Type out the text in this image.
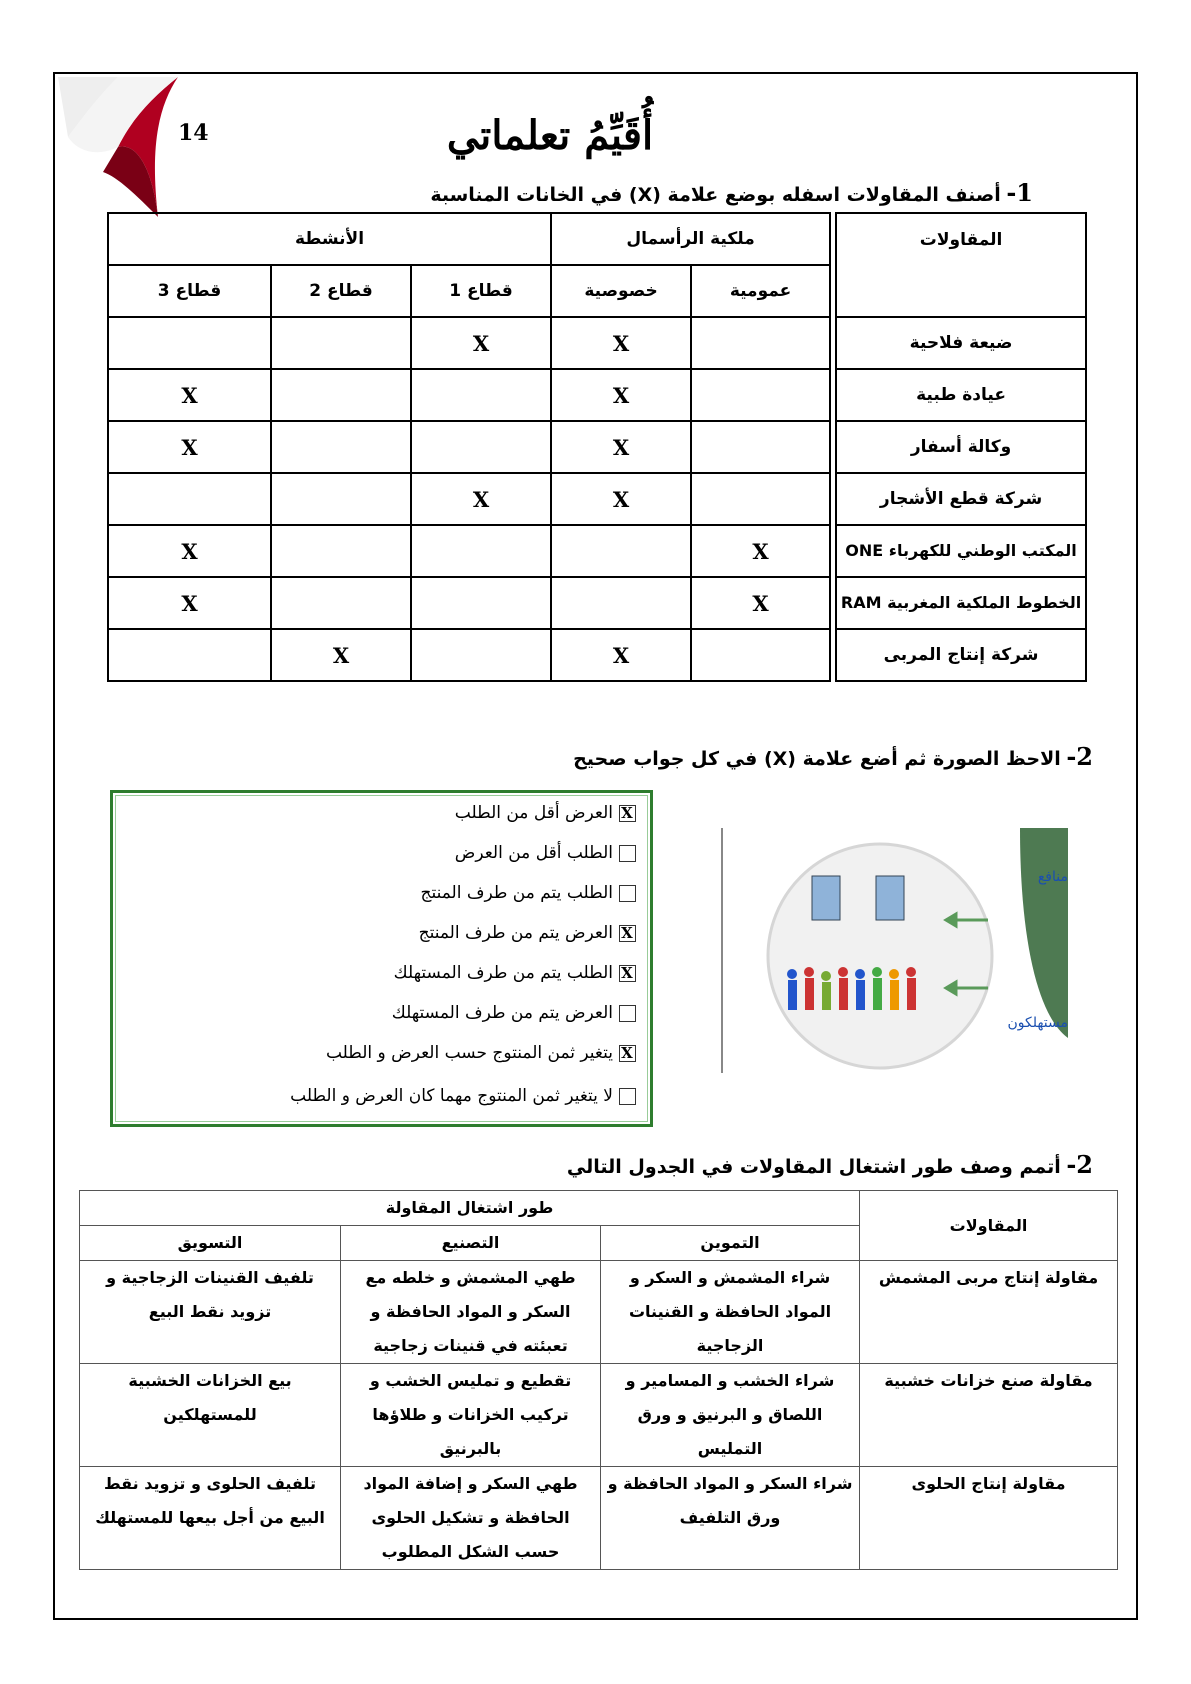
14	أُقَيِّمُ تعلماتي
1- أصنف المقاولات اسفله بوضع علامة (X) في الخانات المناسبة
المقاولات		ملكية الرأسمال		الأنشطة		
		عمومية	خصوصية	قطاع 1	قطاع 2	قطاع 3
ضيعة فلاحية			X	X		
عيادة طبية			X			X
وكالة أسفار			X			X
شركة قطع الأشجار			X	X		
المكتب الوطني للكهرباء ONE		X				X
الخطوط الملكية المغربية RAM		X				X
شركة إنتاج المربى			X		X	
2- الاحظ الصورة ثم أضع علامة (X) في كل جواب صحيح
Xالعرض أقل من الطلب
الطلب أقل من العرض
الطلب يتم من طرف المنتج
Xالعرض يتم من طرف المنتج
Xالطلب يتم من طرف المستهلك
العرض يتم من طرف المستهلك
Xيتغير ثمن المنتوج حسب العرض و الطلب
لا يتغير ثمن المنتوج مهما كان العرض و الطلب
منافع
مستهلكون
2- أتمم وصف طور اشتغال المقاولات في الجدول التالي
المقاولات	طور اشتغال المقاولة		
	التموين	التصنيع	التسويق
مقاولة إنتاج مربى المشمش	شراء المشمش و السكر و المواد الحافظة و القنينات الزجاجية	طهي المشمش و خلطه مع السكر و المواد الحافظة و تعبئته في قنينات زجاجية	تلفيف القنينات الزجاجية و تزويد نقط البيع
مقاولة صنع خزانات خشبية	شراء الخشب و المسامير و اللصاق و البرنيق و ورق التمليس	تقطيع و تمليس الخشب و تركيب الخزانات و طلاؤها بالبرنيق	بيع الخزانات الخشبية للمستهلكين
مقاولة إنتاج الحلوى	شراء السكر و المواد الحافظة و ورق التلفيف	طهي السكر و إضافة المواد الحافظة و تشكيل الحلوى حسب الشكل المطلوب	تلفيف الحلوى و تزويد نقط البيع من أجل بيعها للمستهلك
